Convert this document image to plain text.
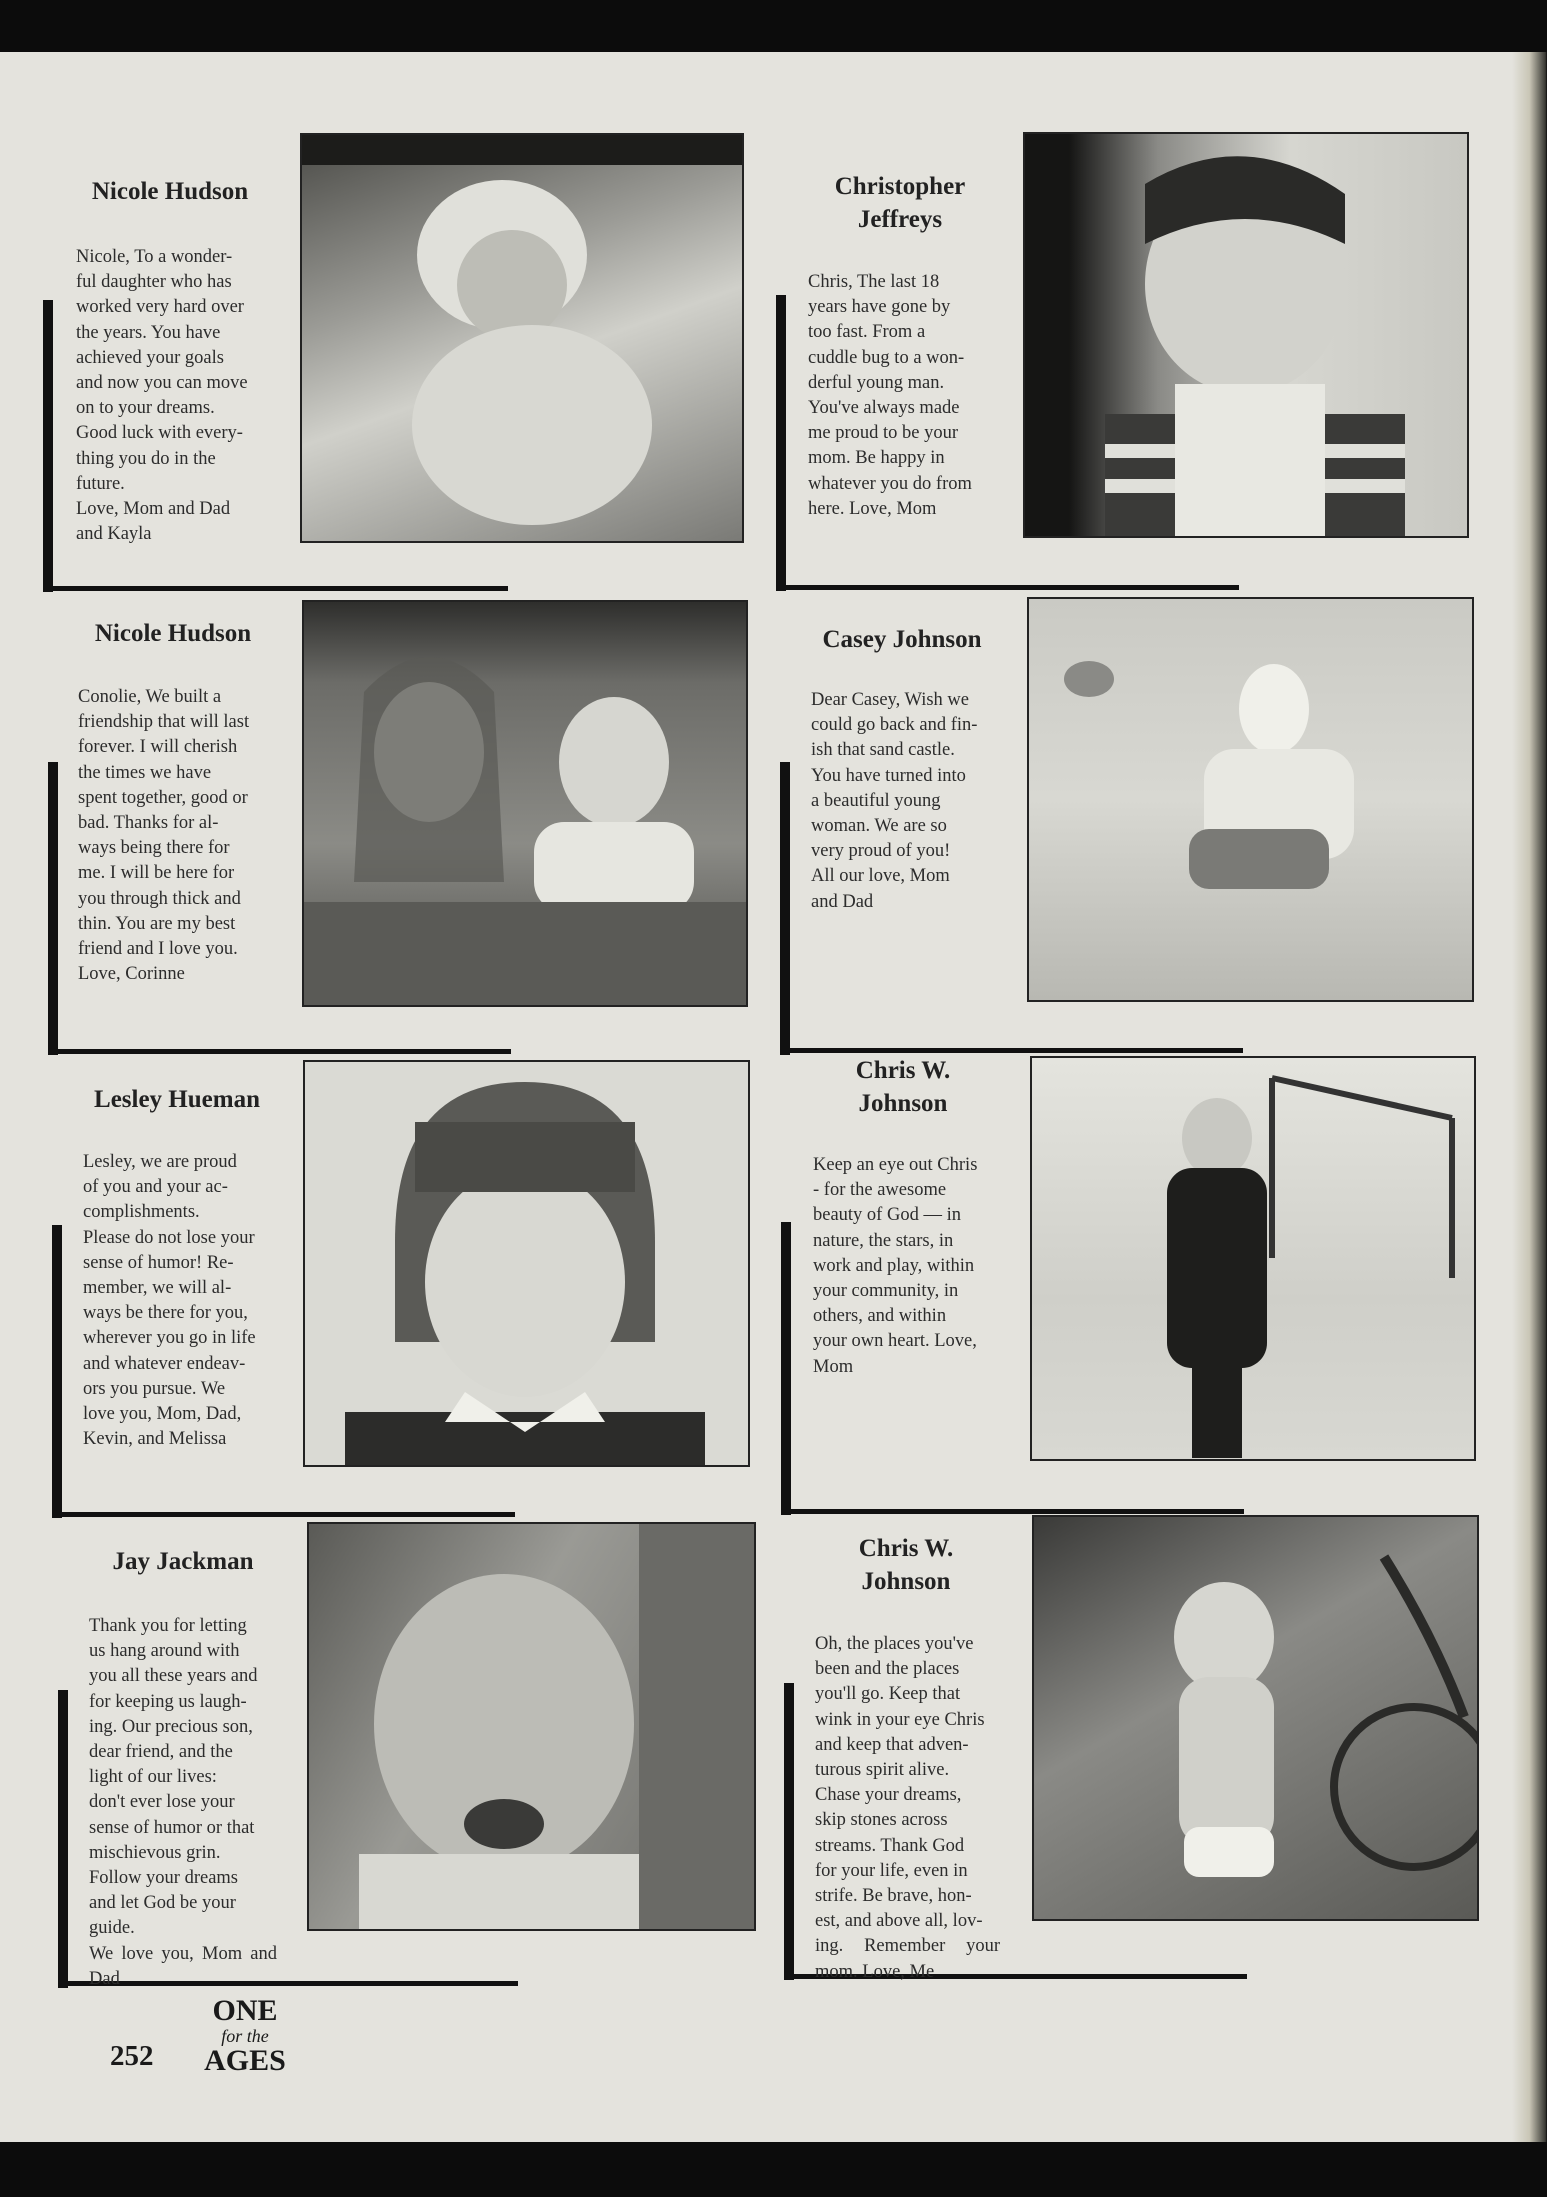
Nicole Hudson
Nicole, To a wonder-
ful daughter who has
worked very hard over
the years. You have
achieved your goals
and now you can move
on to your dreams.
Good luck with every-
thing you do in the
future.
Love, Mom and Dad
and Kayla
Christopher
Jeffreys
Chris, The last 18
years have gone by
too fast. From a
cuddle bug to a won-
derful young man.
You've always made
me proud to be your
mom. Be happy in
whatever you do from
here. Love, Mom
Nicole Hudson
Conolie, We built a
friendship that will last
forever. I will cherish
the times we have
spent together, good or
bad. Thanks for al-
ways being there for
me. I will be here for
you through thick and
thin. You are my best
friend and I love you.
Love, Corinne
Casey Johnson
Dear Casey, Wish we
could go back and fin-
ish that sand castle.
You have turned into
a beautiful young
woman. We are so
very proud of you!
All our love, Mom
and Dad
Lesley Hueman
Lesley, we are proud
of you and your ac-
complishments.
Please do not lose your
sense of humor! Re-
member, we will al-
ways be there for you,
wherever you go in life
and whatever endeav-
ors you pursue. We
love you, Mom, Dad,
Kevin, and Melissa
Chris W.
Johnson
Keep an eye out Chris
- for the awesome
beauty of God — in
nature, the stars, in
work and play, within
your community, in
others, and within
your own heart. Love,
Mom
Jay Jackman
Thank you for letting
us hang around with
you all these years and
for keeping us laugh-
ing. Our precious son,
dear friend, and the
light of our lives:
don't ever lose your
sense of humor or that
mischievous grin.
Follow your dreams
and let God be your
guide.
We love you, Mom and Dad
Chris W.
Johnson
Oh, the places you've
been and the places
you'll go. Keep that
wink in your eye Chris
and keep that adven-
turous spirit alive.
Chase your dreams,
skip stones across
streams. Thank God
for your life, even in
strife. Be brave, hon-
est, and above all, lov-
ing. Remember your mom. Love, Me
252
ONE
for the
AGES
